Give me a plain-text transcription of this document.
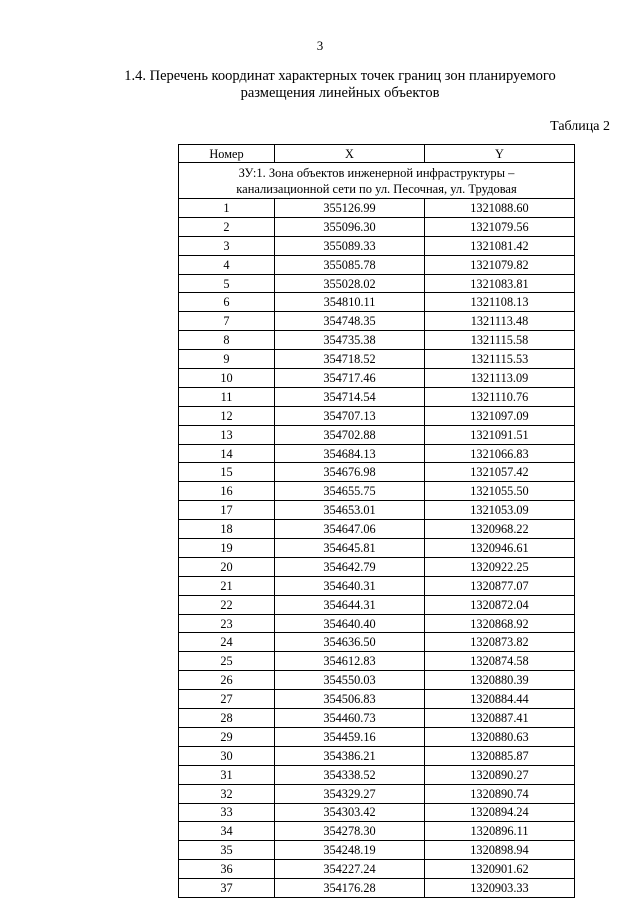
3
1.4. Перечень координат характерных точек границ зон планируемого
размещения линейных объектов
Таблица 2
Номер	X	Y

ЗУ:1. Зона объектов инженерной инфраструктуры –
канализационной сети по ул. Песочная, ул. Трудовая		

1	355126.99	1321088.60
2	355096.30	1321079.56
3	355089.33	1321081.42
4	355085.78	1321079.82
5	355028.02	1321083.81
6	354810.11	1321108.13
7	354748.35	1321113.48
8	354735.38	1321115.58
9	354718.52	1321115.53
10	354717.46	1321113.09
11	354714.54	1321110.76
12	354707.13	1321097.09
13	354702.88	1321091.51
14	354684.13	1321066.83
15	354676.98	1321057.42
16	354655.75	1321055.50
17	354653.01	1321053.09
18	354647.06	1320968.22
19	354645.81	1320946.61
20	354642.79	1320922.25
21	354640.31	1320877.07
22	354644.31	1320872.04
23	354640.40	1320868.92
24	354636.50	1320873.82
25	354612.83	1320874.58
26	354550.03	1320880.39
27	354506.83	1320884.44
28	354460.73	1320887.41
29	354459.16	1320880.63
30	354386.21	1320885.87
31	354338.52	1320890.27
32	354329.27	1320890.74
33	354303.42	1320894.24
34	354278.30	1320896.11
35	354248.19	1320898.94
36	354227.24	1320901.62
37	354176.28	1320903.33
